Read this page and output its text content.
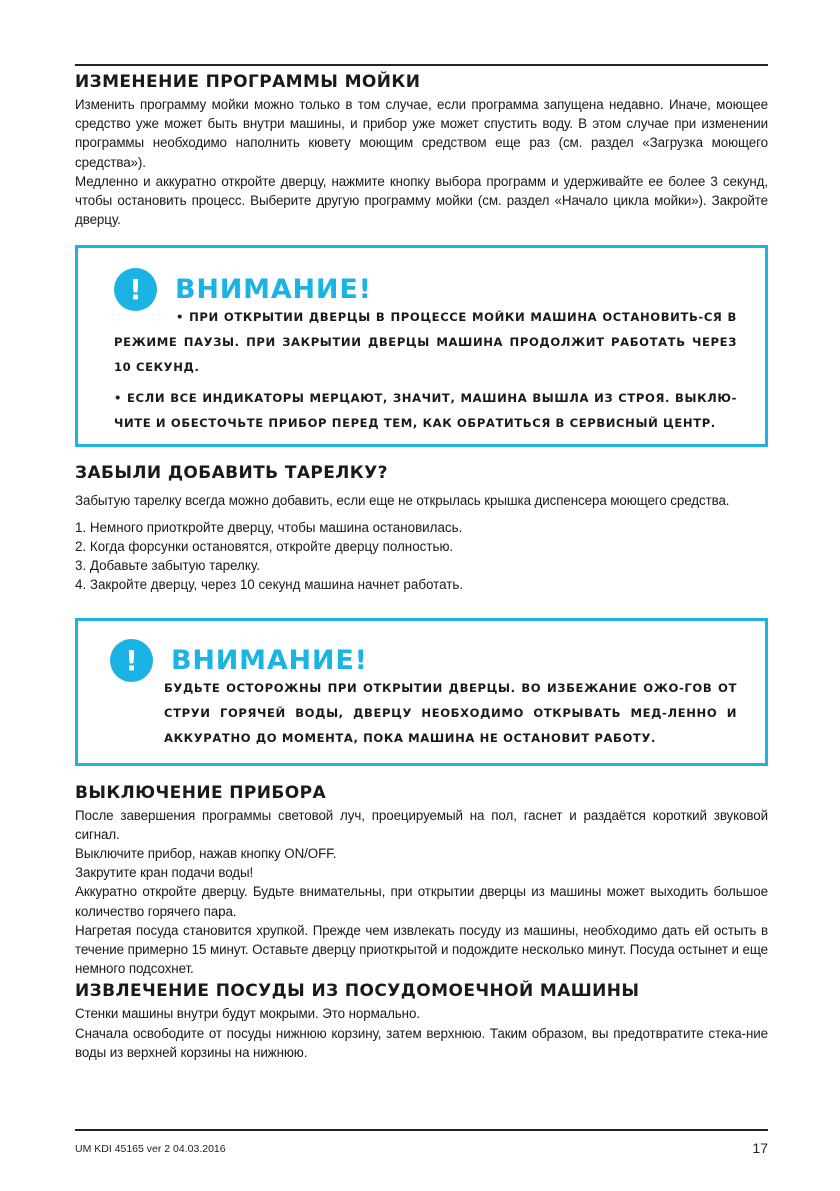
ИЗМЕНЕНИЕ ПРОГРАММЫ МОЙКИ

Изменить программу мойки можно только в том случае, если программа запущена недавно. Иначе, моющее средство уже может быть внутри машины, и прибор уже может спустить воду. В этом случае при изменении программы необходимо наполнить кювету моющим средством еще раз (см. раздел «Загрузка моющего средства»).

Медленно и аккуратно откройте дверцу, нажмите кнопку выбора программ и удерживайте ее более 3 секунд, чтобы остановить процесс. Выберите другую программу мойки (см. раздел «Начало цикла мойки»). Закройте дверцу.

!	ВНИМАНИЕ!

• ПРИ ОТКРЫТИИ ДВЕРЦЫ В ПРОЦЕССЕ МОЙКИ МАШИНА ОСТАНОВИТЬ-СЯ В РЕЖИМЕ ПАУЗЫ. ПРИ ЗАКРЫТИИ ДВЕРЦЫ МАШИНА ПРОДОЛЖИТ РАБОТАТЬ ЧЕРЕЗ 10 СЕКУНД.

• ЕСЛИ ВСЕ ИНДИКАТОРЫ МЕРЦАЮТ, ЗНАЧИТ, МАШИНА ВЫШЛА ИЗ СТРОЯ. ВЫКЛЮ-ЧИТЕ И ОБЕСТОЧЬТЕ ПРИБОР ПЕРЕД ТЕМ, КАК ОБРАТИТЬСЯ В СЕРВИСНЫЙ ЦЕНТР.

ЗАБЫЛИ ДОБАВИТЬ ТАРЕЛКУ?

Забытую тарелку всегда можно добавить, если еще не открылась крышка диспенсера моющего средства.

1. Немного приоткройте дверцу, чтобы машина остановилась.
2. Когда форсунки остановятся, откройте дверцу полностью.
3. Добавьте забытую тарелку.
4. Закройте дверцу, через 10 секунд машина начнет работать.
!	ВНИМАНИЕ!

БУДЬТЕ ОСТОРОЖНЫ ПРИ ОТКРЫТИИ ДВЕРЦЫ. ВО ИЗБЕЖАНИЕ ОЖО-ГОВ ОТ СТРУИ ГОРЯЧЕЙ ВОДЫ, ДВЕРЦУ НЕОБХОДИМО ОТКРЫВАТЬ МЕД-ЛЕННО И АККУРАТНО ДО МОМЕНТА, ПОКА МАШИНА НЕ ОСТАНОВИТ РАБОТУ.

ВЫКЛЮЧЕНИЕ ПРИБОРА

После завершения программы световой луч, проецируемый на пол, гаснет и раздаётся короткий звуковой сигнал.

Выключите прибор, нажав кнопку ON/OFF.

Закрутите кран подачи воды!

Аккуратно откройте дверцу. Будьте внимательны, при открытии дверцы из машины может выходить большое количество горячего пара.

Нагретая посуда становится хрупкой. Прежде чем извлекать посуду из машины, необходимо дать ей остыть в течение примерно 15 минут. Оставьте дверцу приоткрытой и подождите несколько минут. Посуда остынет и еще немного подсохнет.

ИЗВЛЕЧЕНИЕ ПОСУДЫ ИЗ ПОСУДОМОЕЧНОЙ МАШИНЫ

Стенки машины внутри будут мокрыми. Это нормально.

Сначала освободите от посуды нижнюю корзину, затем верхнюю. Таким образом, вы предотвратите стека-ние воды из верхней корзины на нижнюю.

UM KDI 45165 ver 2 04.03.2016	17
